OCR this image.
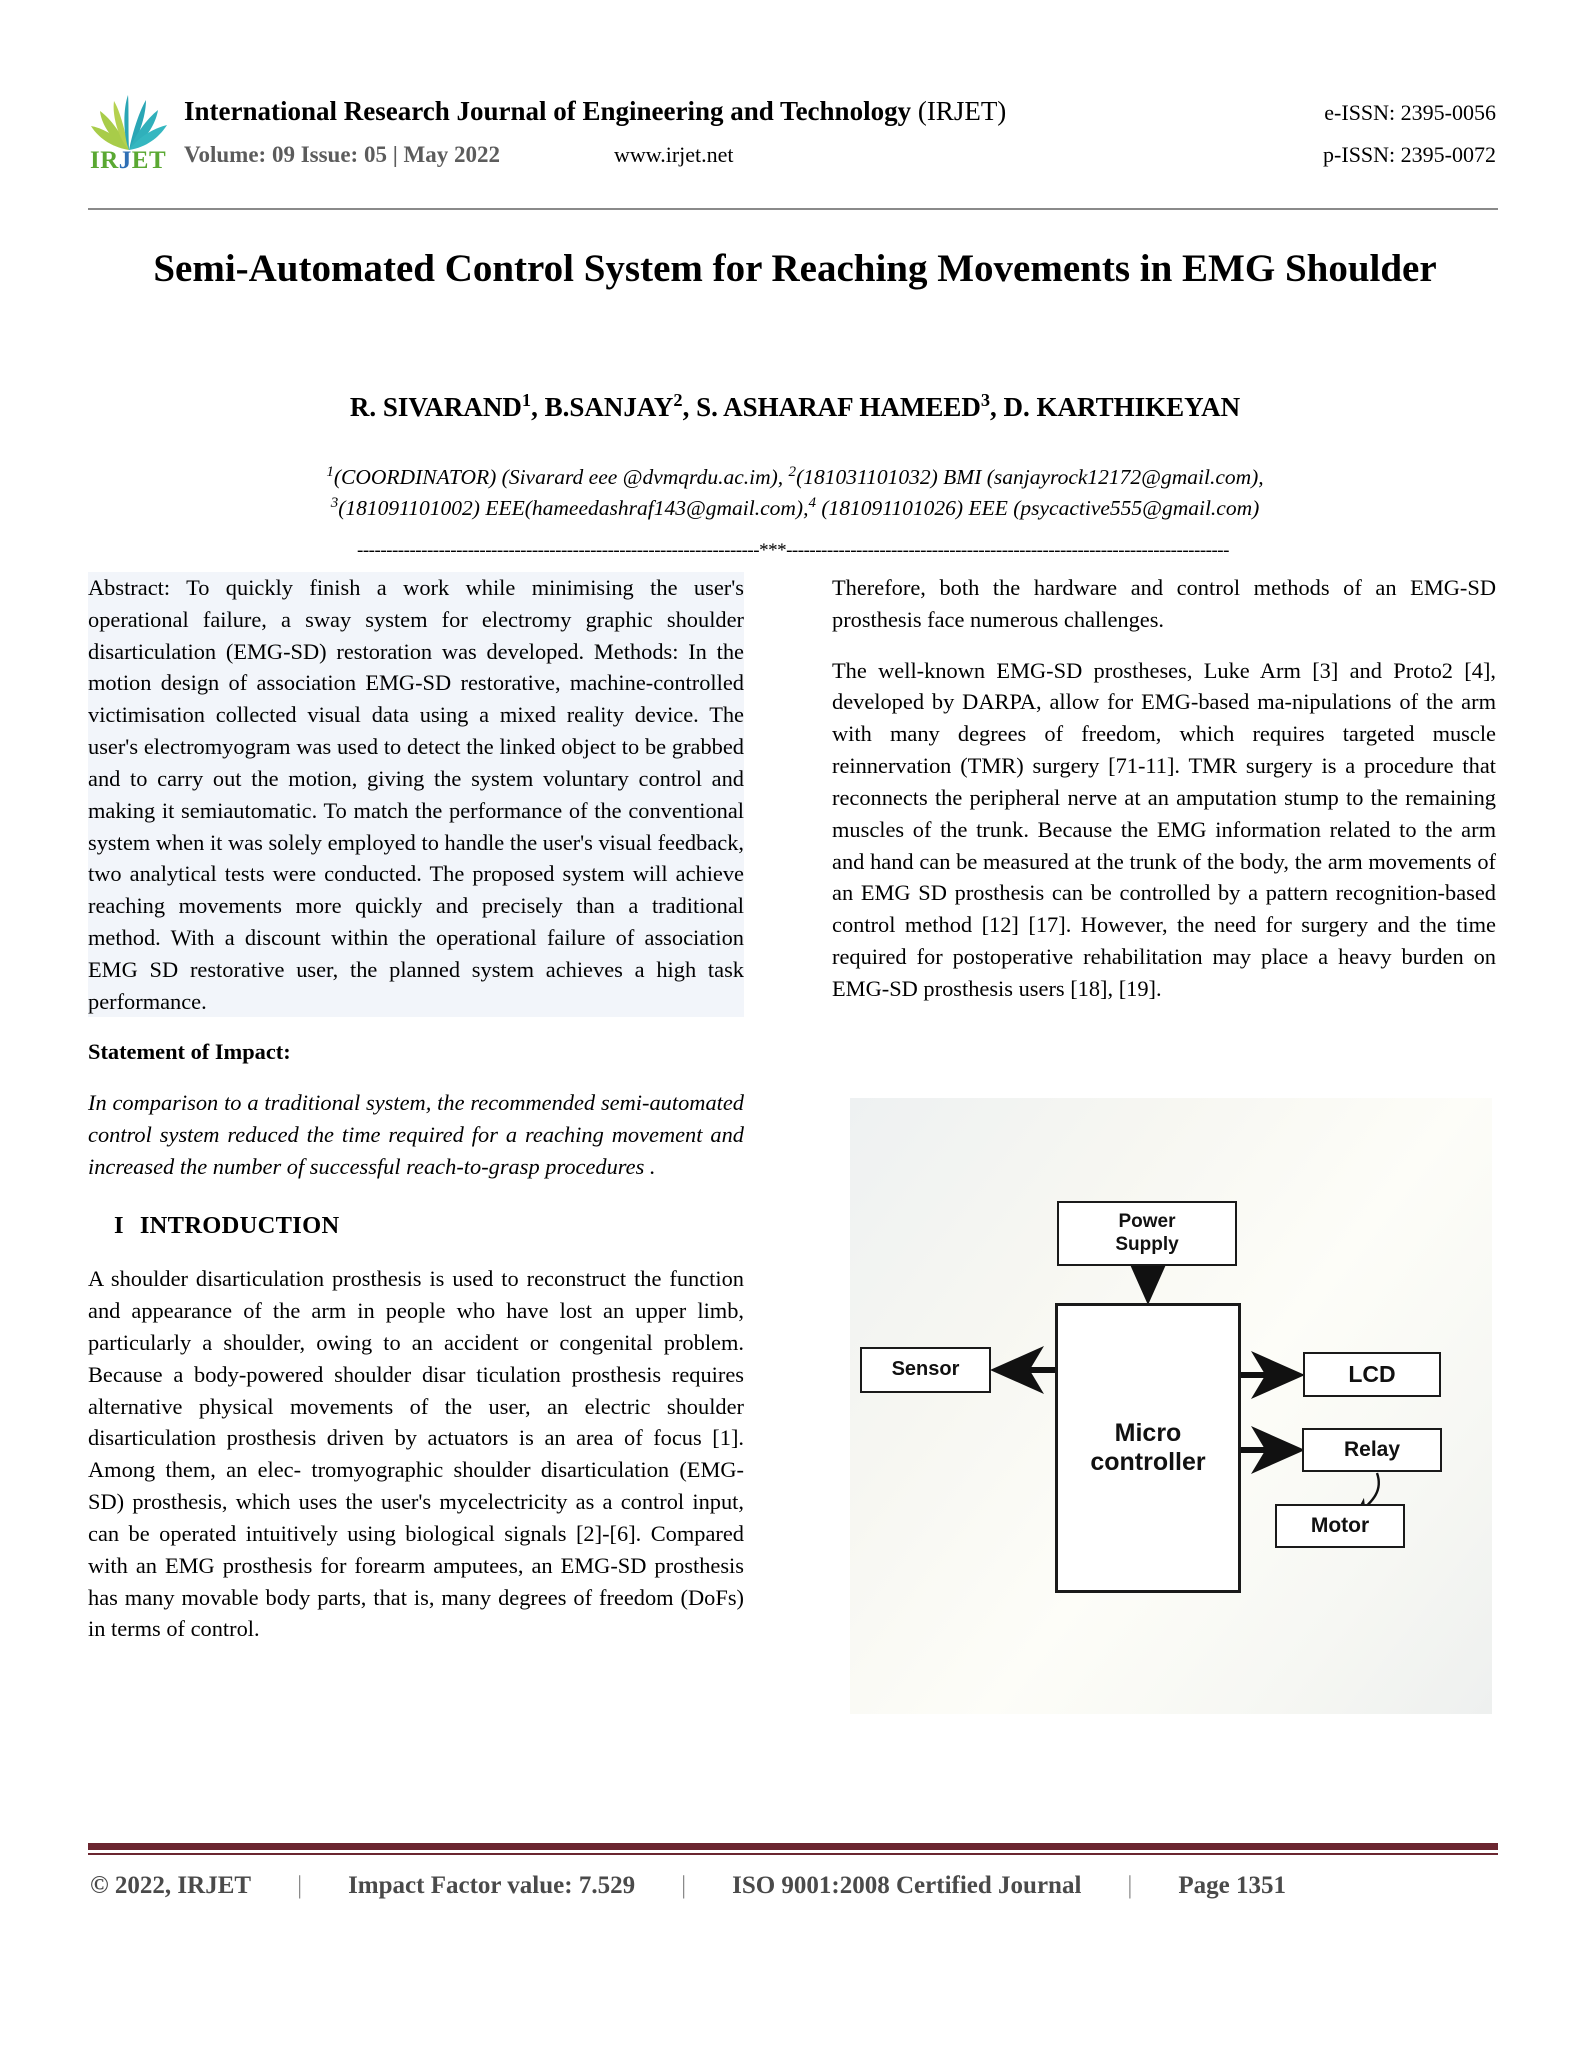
IRJET
International Research Journal of Engineering and Technology (IRJET)	e-ISSN: 2395-0056
Volume: 09 Issue: 05 | May 2022	www.irjet.net	p-ISSN: 2395-0072
Semi-Automated Control System for Reaching Movements in EMG Shoulder
R. SIVARAND$^1$, B.SANJAY$^2$, S. ASHARAF HAMEED$^3$, D. KARTHIKEYAN
$^1$(COORDINATOR) (Sivarard eee @dvmqrdu.ac.im), $^2$(181031101032) BMI (sanjayrock12172@gmail.com),
$^3$(181091101002) EEE(hameedashraf143@gmail.com),$^4$ (181091101026) EEE (psycactive555@gmail.com)
---------------------------------------------------------------------***----------------------------------------------------------------------------

Abstract: To quickly finish a work while minimising the user's operational failure, a sway system for electromy graphic shoulder disarticulation (EMG-SD) restoration was developed. Methods: In the motion design of association EMG-SD restorative, machine-controlled victimisation collected visual data using a mixed reality device. The user's electromyogram was used to detect the linked object to be grabbed and to carry out the motion, giving the system voluntary control and making it semiautomatic. To match the performance of the conventional system when it was solely employed to handle the user's visual feedback, two analytical tests were conducted. The proposed system will achieve reaching movements more quickly and precisely than a traditional method. With a discount within the operational failure of association EMG SD restorative user, the planned system achieves a high task performance.

Statement of Impact:

In comparison to a traditional system, the recommended semi-automated control system reduced the time required for a reaching movement and increased the number of successful reach-to-grasp procedures .

I INTRODUCTION

A shoulder disarticulation prosthesis is used to reconstruct the function and appearance of the arm in people who have lost an upper limb, particularly a shoulder, owing to an accident or congenital problem. Because a body-powered shoulder disar ticulation prosthesis requires alternative physical movements of the user, an electric shoulder disarticulation prosthesis driven by actuators is an area of focus [1]. Among them, an elec- tromyographic shoulder disarticulation (EMG-SD) prosthesis, which uses the user's mycelectricity as a control input, can be operated intuitively using biological signals [2]-[6]. Compared with an EMG prosthesis for forearm amputees, an EMG-SD prosthesis has many movable body parts, that is, many degrees of freedom (DoFs) in terms of control.

Therefore, both the hardware and control methods of an EMG-SD prosthesis face numerous challenges.

The well-known EMG-SD prostheses, Luke Arm [3] and Proto2 [4], developed by DARPA, allow for EMG-based ma-nipulations of the arm with many degrees of freedom, which requires targeted muscle reinnervation (TMR) surgery [71-11]. TMR surgery is a procedure that reconnects the peripheral nerve at an amputation stump to the remaining muscles of the trunk. Because the EMG information related to the arm and hand can be measured at the trunk of the body, the arm movements of an EMG SD prosthesis can be controlled by a pattern recognition-based control method [12] [17]. However, the need for surgery and the time required for postoperative rehabilitation may place a heavy burden on EMG-SD prosthesis users [18], [19].

Power
Supply
Micro
controller
Sensor	LCD
Relay
Motor
© 2022, IRJET | Impact Factor value: 7.529 | ISO 9001:2008 Certified Journal | Page 1351
